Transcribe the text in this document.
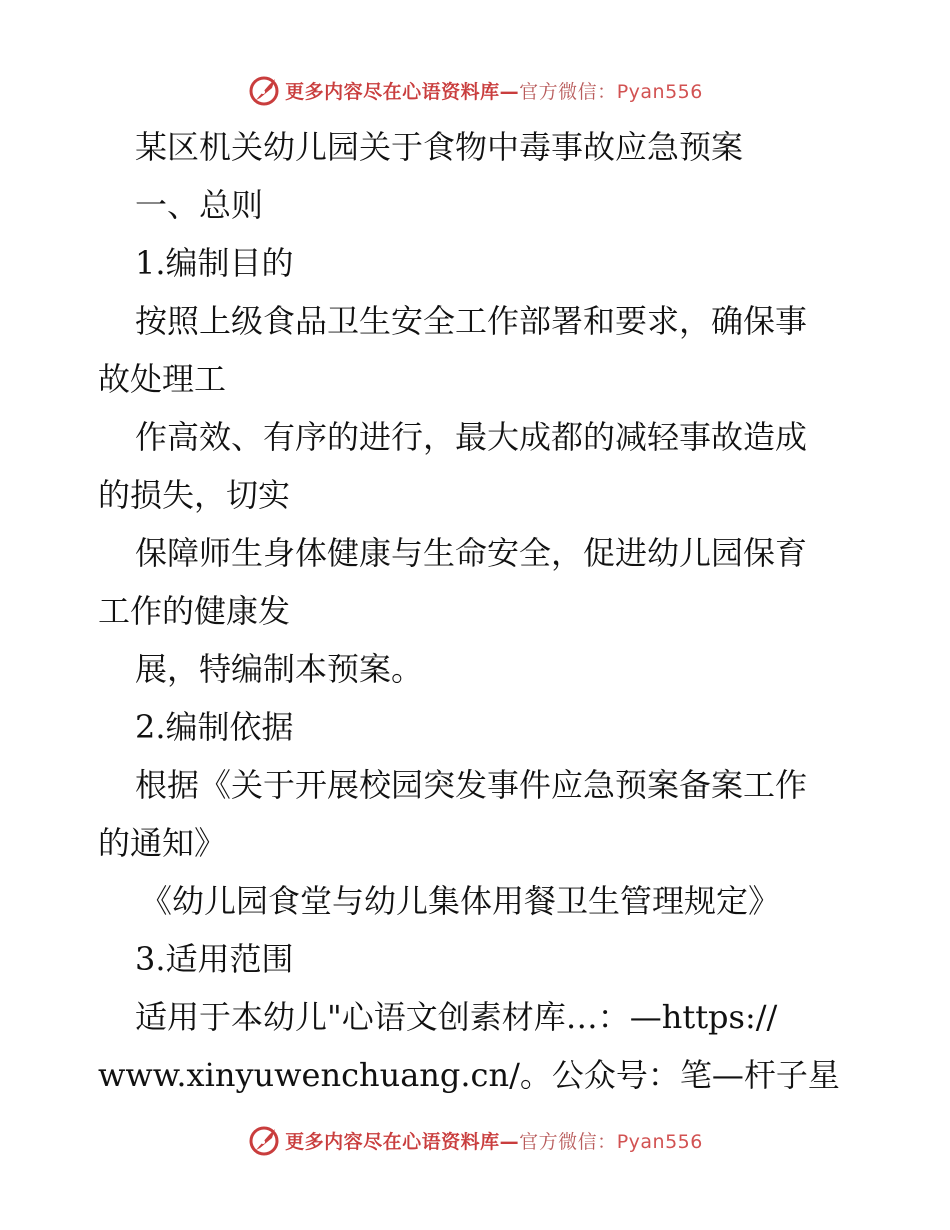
更多内容尽在心语资料库—官方微信：Pyan556

某区机关幼儿园关于食物中毒事故应急预案

一、总则

1.编制目的

按照上级食品卫生安全工作部署和要求，确保事

故处理工

作高效、有序的进行，最大成都的减轻事故造成

的损失，切实

保障师生身体健康与生命安全，促进幼儿园保育

工作的健康发

展，特编制本预案。

2.编制依据

根据《关于开展校园突发事件应急预案备案工作

的通知》

《幼儿园食堂与幼儿集体用餐卫生管理规定》

3.适用范围

适用于本幼儿"心语文创素材库…：—https://

www.xinyuwenchuang.cn/。公众号：笔—杆子星

更多内容尽在心语资料库—官方微信：Pyan556
